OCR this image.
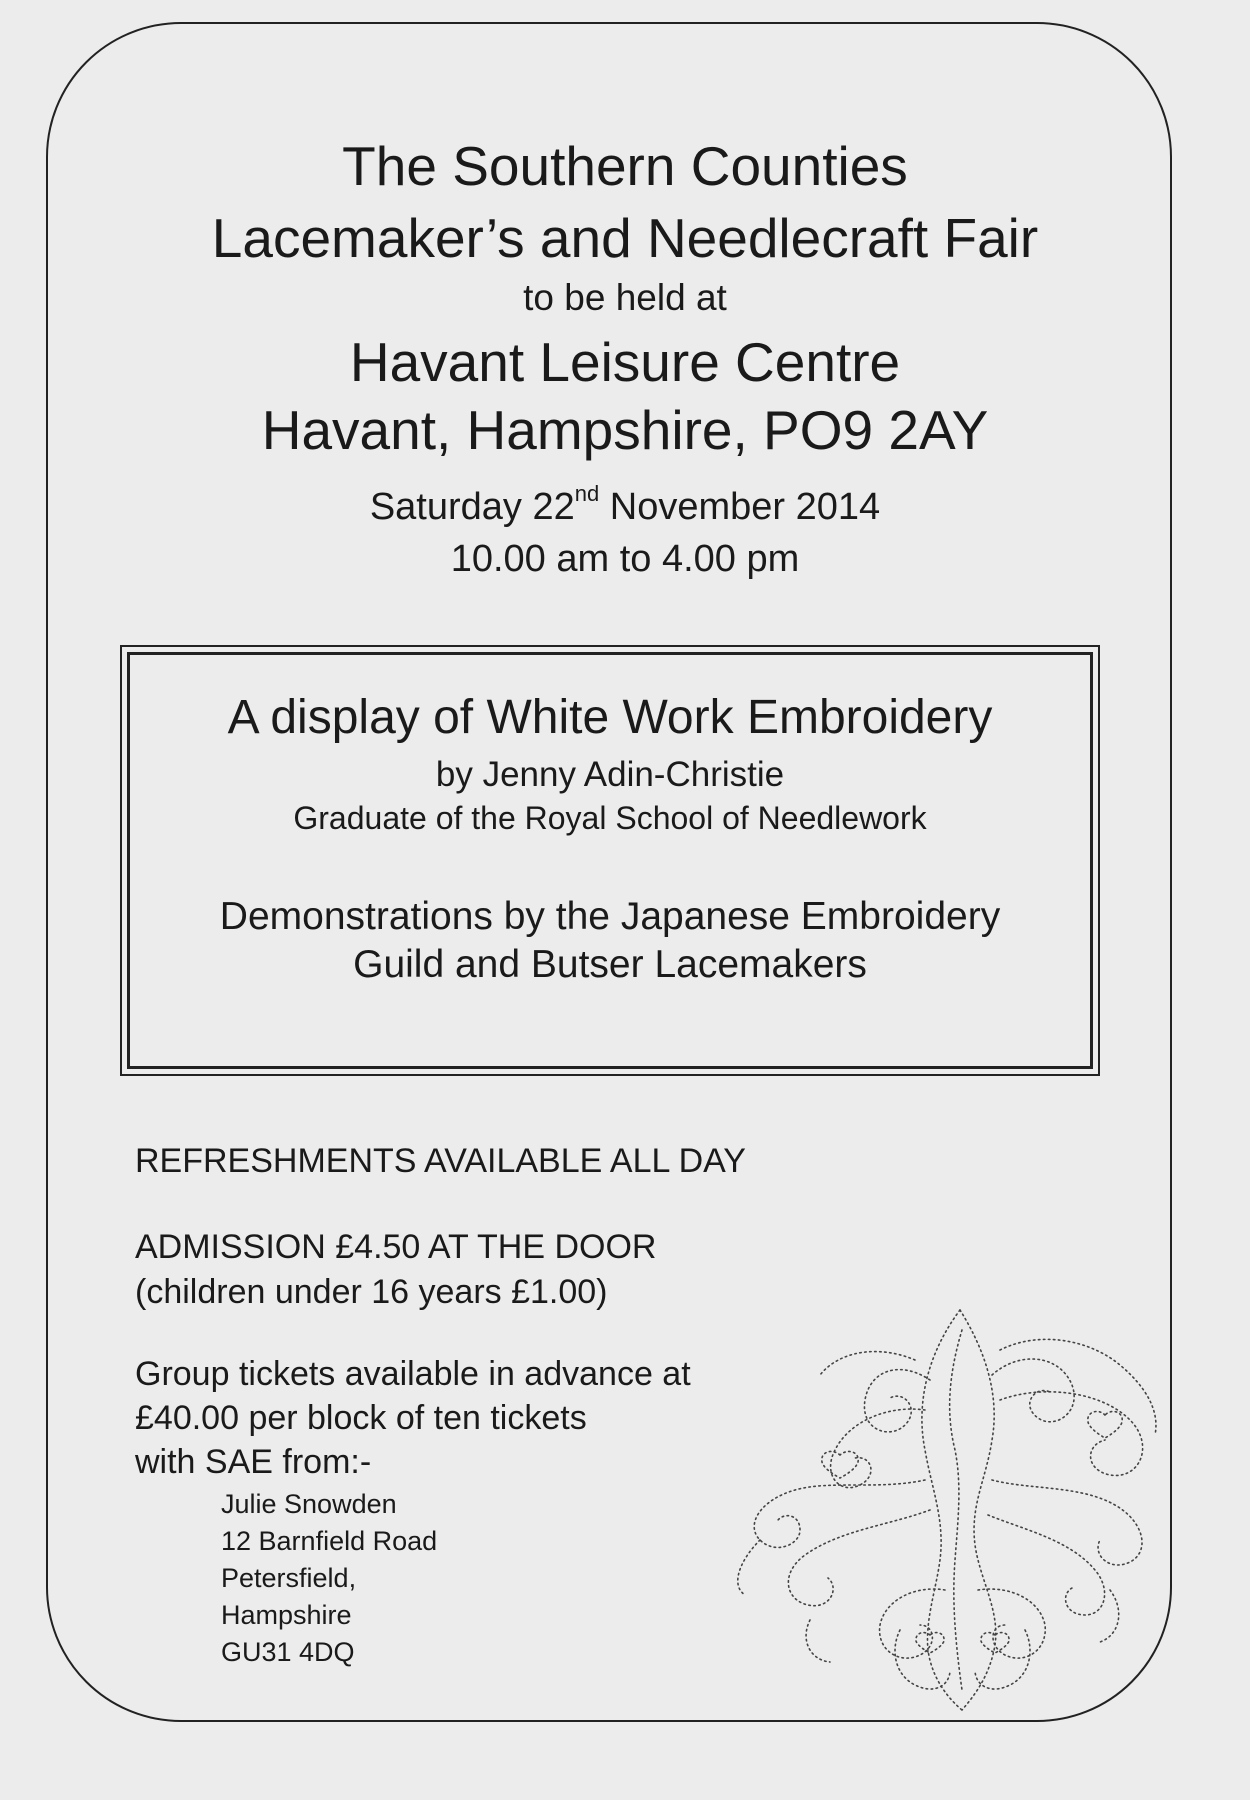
The Southern Counties
Lacemaker’s and Needlecraft Fair
to be held at
Havant Leisure Centre
Havant, Hampshire, PO9 2AY
Saturday 22nd November 2014
10.00 am to 4.00 pm
A display of White Work Embroidery
by Jenny Adin-Christie
Graduate of the Royal School of Needlework
Demonstrations by the Japanese Embroidery
Guild and Butser Lacemakers
REFRESHMENTS AVAILABLE ALL DAY
ADMISSION £4.50 AT THE DOOR
(children under 16 years £1.00)
Group tickets available in advance at
£40.00 per block of ten tickets
with SAE from:-
Julie Snowden
12 Barnfield Road
Petersfield,
Hampshire
GU31 4DQ
